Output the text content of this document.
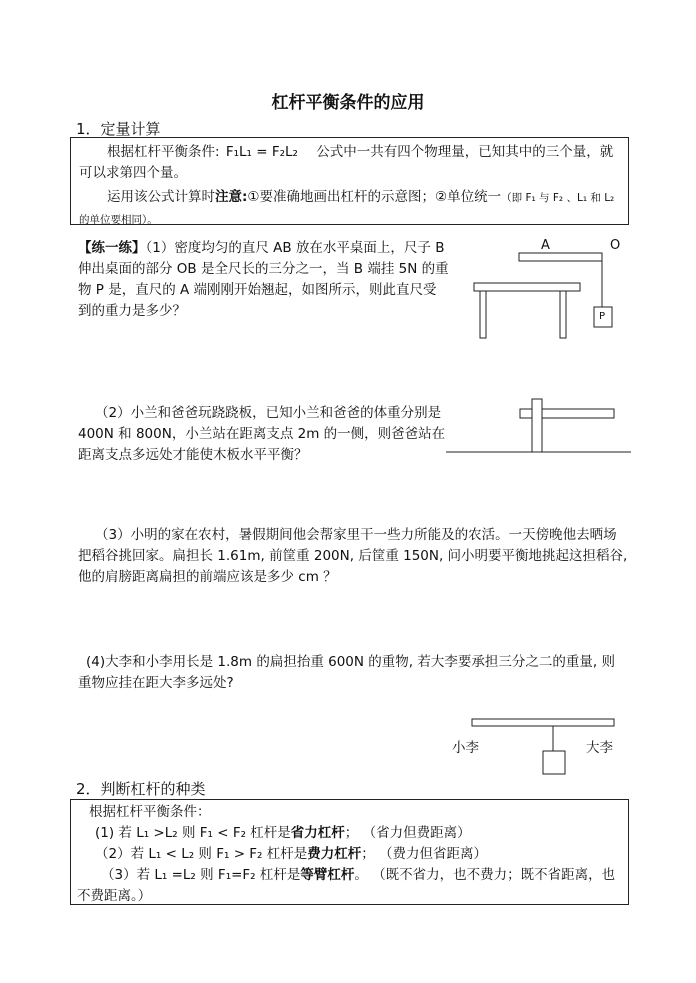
杠杆平衡条件的应用
1．定量计算
根据杠杆平衡条件: F₁L₁ = F₂L₂ 公式中一共有四个物理量，已知其中的三个量，就可以求第四个量。
运用该公式计算时注意:①要准确地画出杠杆的示意图；②单位统一（即 F₁ 与 F₂ 、L₁ 和 L₂ 的单位要相同）。
【练一练】（1）密度均匀的直尺 AB 放在水平桌面上，尺子 B 伸出桌面的部分 OB 是全尺长的三分之一，当 B 端挂 5N 的重物 P 是，直尺的 A 端刚刚开始翘起，如图所示，则此直尺受到的重力是多少？
A	O
P
（2）小兰和爸爸玩跷跷板，已知小兰和爸爸的体重分别是 400N 和 800N，小兰站在距离支点 2m 的一侧，则爸爸站在距离支点多远处才能使木板水平平衡？
（3）小明的家在农村，暑假期间他会帮家里干一些力所能及的农活。一天傍晚他去晒场把稻谷挑回家。扁担长 1.61m, 前筐重 200N, 后筐重 150N, 问小明要平衡地挑起这担稻谷, 他的肩膀距离扁担的前端应该是多少 cm ？
(4)大李和小李用长是 1.8m 的扁担抬重 600N 的重物, 若大李要承担三分之二的重量, 则重物应挂在距大李多远处?
小李	大李
2．判断杠杆的种类
根据杠杆平衡条件：
(1) 若 L₁ >L₂ 则 F₁ < F₂ 杠杆是省力杠杆； （省力但费距离）
（2）若 L₁ < L₂ 则 F₁ > F₂ 杠杆是费力杠杆； （费力但省距离）
（3）若 L₁ =L₂ 则 F₁=F₂ 杠杆是等臂杠杆。 （既不省力，也不费力；既不省距离，也不费距离。）
